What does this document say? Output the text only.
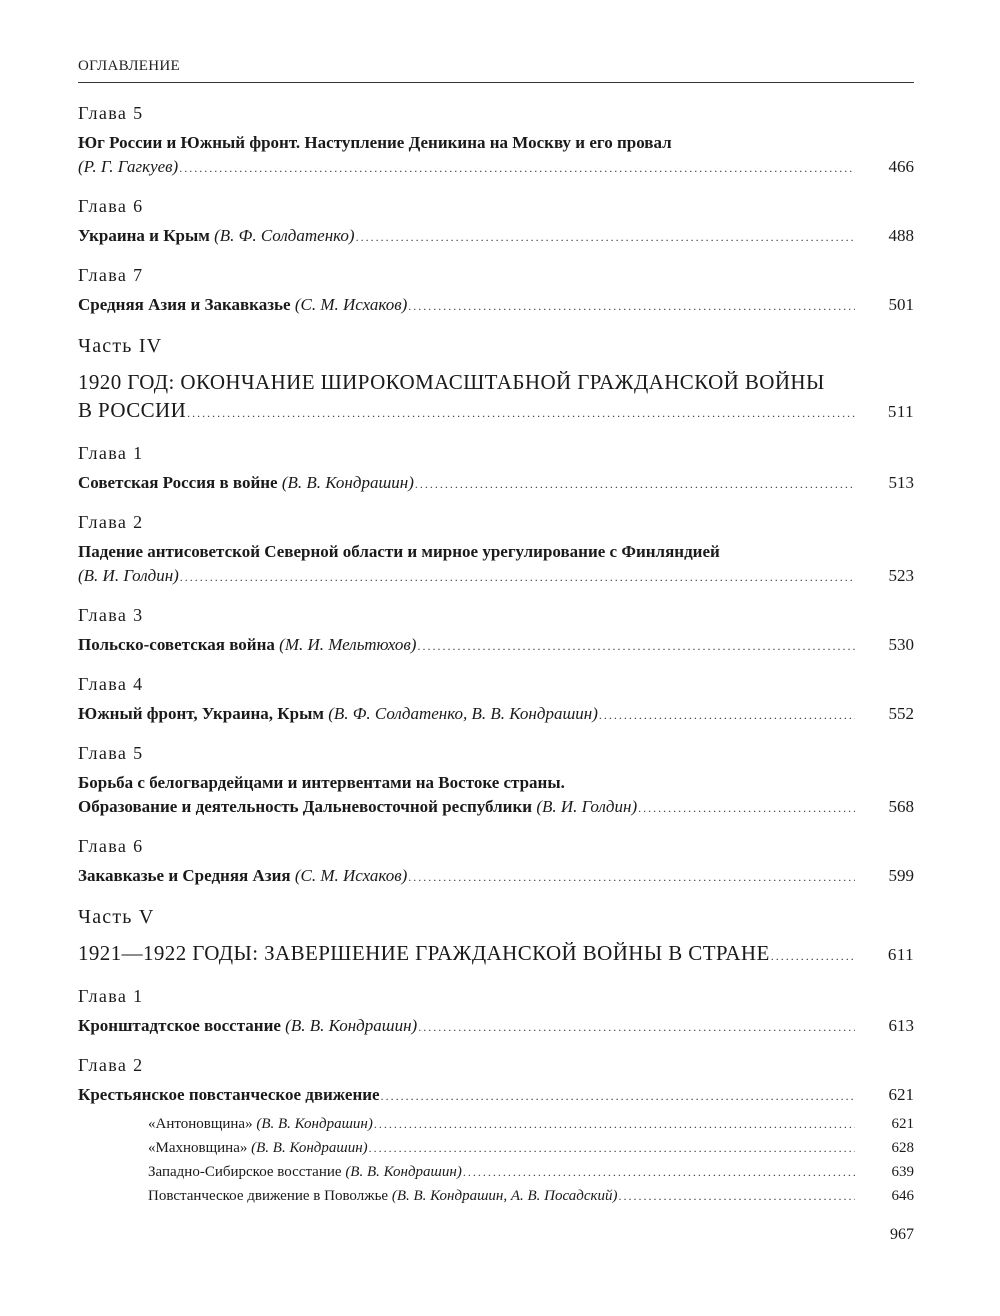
ОГЛАВЛЕНИЕ
Глава 5
Юг России и Южный фронт. Наступление Деникина на Москву и его провал
(Р. Г. Гагкуев) .....	466
Глава 6
Украина и Крым (В. Ф. Солдатенко) .....	488
Глава 7
Средняя Азия и Закавказье (С. М. Исхаков) .....	501
Часть IV
1920 ГОД: ОКОНЧАНИЕ ШИРОКОМАСШТАБНОЙ ГРАЖДАНСКОЙ ВОЙНЫ
В РОССИИ .....	511
Глава 1
Советская Россия в войне (В. В. Кондрашин) .....	513
Глава 2
Падение антисоветской Северной области и мирное урегулирование с Финляндией
(В. И. Голдин) .....	523
Глава 3
Польско-советская война (М. И. Мельтюхов) .....	530
Глава 4
Южный фронт, Украина, Крым (В. Ф. Солдатенко, В. В. Кондрашин) .....	552
Глава 5
Борьба с белогвардейцами и интервентами на Востоке страны.
Образование и деятельность Дальневосточной республики (В. И. Голдин) .....	568
Глава 6
Закавказье и Средняя Азия (С. М. Исхаков) .....	599
Часть V
1921—1922 ГОДЫ: ЗАВЕРШЕНИЕ ГРАЖДАНСКОЙ ВОЙНЫ В СТРАНЕ .....	611
Глава 1
Кронштадтское восстание (В. В. Кондрашин) .....	613
Глава 2
Крестьянское повстанческое движение .....	621
«Антоновщина» (В. В. Кондрашин) .....	621
«Махновщина» (В. В. Кондрашин) .....	628
Западно-Сибирское восстание (В. В. Кондрашин) .....	639
Повстанческое движение в Поволжье (В. В. Кондрашин, А. В. Посадский) .....	646
967
